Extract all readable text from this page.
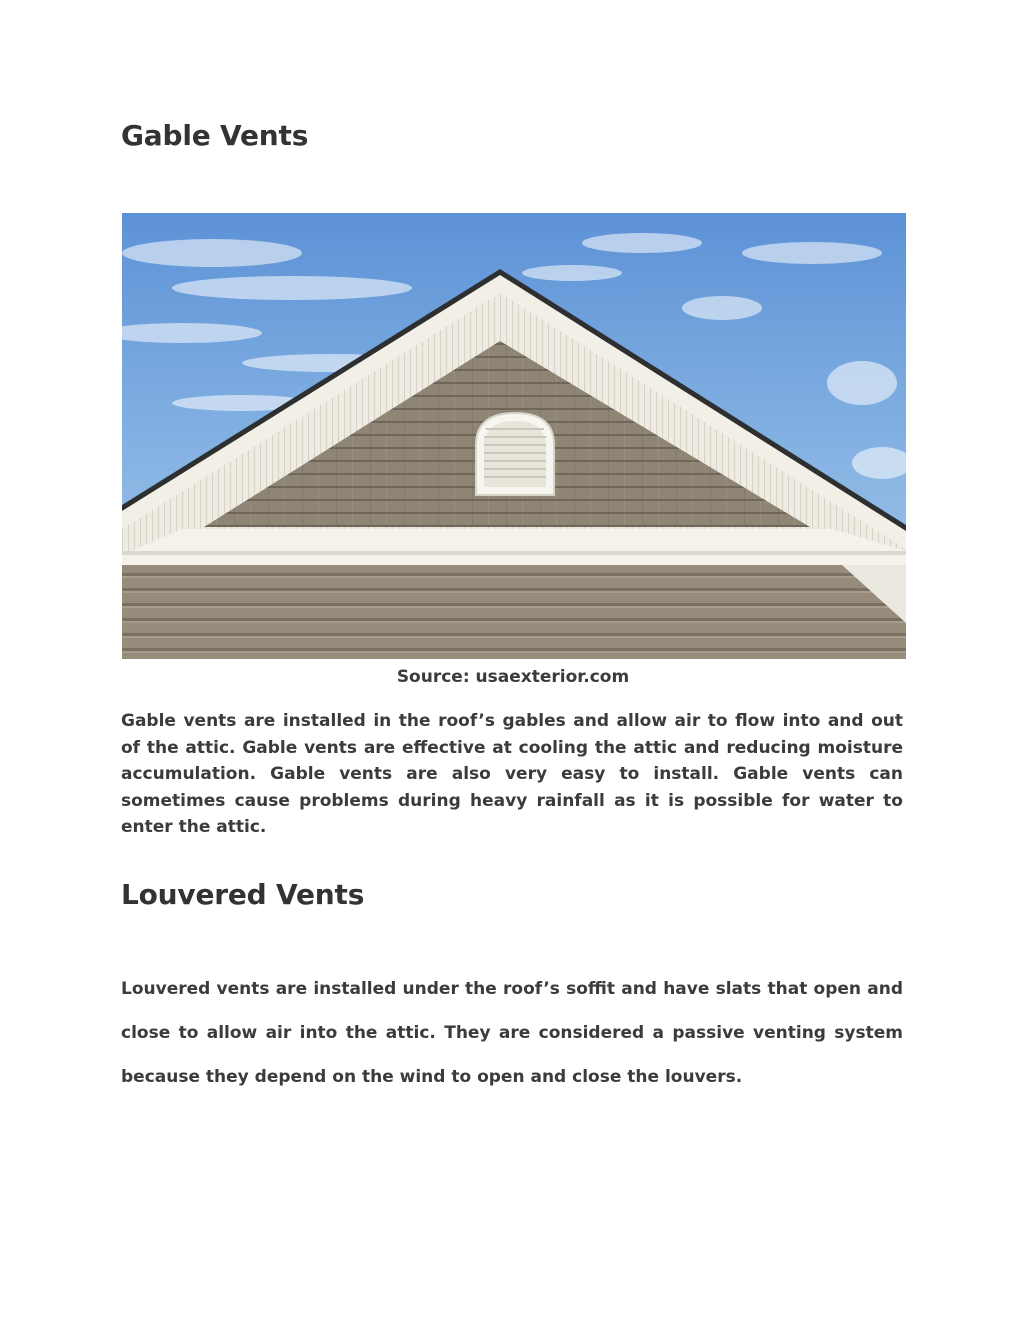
Gable Vents

Source: usaexterior.com

Gable vents are installed in the roof’s gables and allow air to flow into and out of the attic. Gable vents are effective at cooling the attic and reducing moisture accumulation. Gable vents are also very easy to install. Gable vents can sometimes cause problems during heavy rainfall as it is possible for water to enter the attic.

Louvered Vents

Louvered vents are installed under the roof’s soffit and have slats that open and close to allow air into the attic. They are considered a passive venting system because they depend on the wind to open and close the louvers.
